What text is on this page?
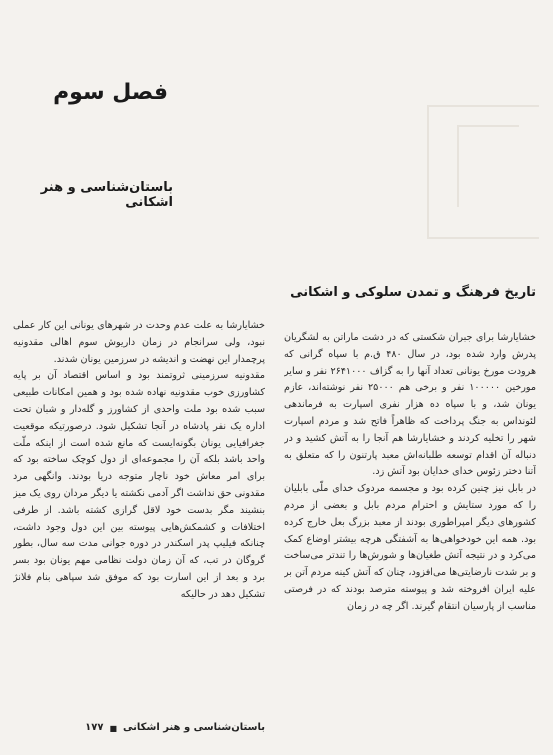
فصل سوم
باستان‌شناسی و هنر اشکانی
تاریخ فرهنگ و تمدن سلوکی و اشکانی

خشایارشا برای جبران شکستی که در دشت ماراتن به لشگریان پدرش وارد شده بود، در سال ۴۸۰ ق.م با سپاه گرانی که هرودت مورخ یونانی تعداد آنها را به گزاف ۲۶۴۱۰۰۰ نفر و سایر مورخین ۱۰۰۰۰۰ نفر و برخی هم ۲۵۰۰۰ نفر نوشته‌اند، عازم یونان شد، و با سپاه ده هزار نفری اسپارت به فرماندهی لئونداس به جنگ پرداخت که ظاهراً فاتح شد و مردم اسپارت شهر را تخلیه کردند و خشایارشا هم آنجا را به آتش کشید و در دنباله آن اقدام توسعه طلبانه‌اش معبد پارتنون را که متعلق به آتنا دختر زئوس خدای خدایان بود آتش زد.

در بابل نیز چنین کرده بود و مجسمه مردوک خدای ملّی بابلیان را که مورد ستایش و احترام مردم بابل و بعضی از مردم کشورهای دیگر امپراطوری بودند از معبد بزرگ بعل خارج کرده بود. همه این خودخواهی‌ها به آشفتگی هرچه بیشتر اوضاع کمک می‌کرد و در نتیجه آتش طغیان‌ها و شورش‌ها را تندتر می‌ساخت و بر شدت نارضایتی‌ها می‌افزود، چنان که آتش کینه مردم آتن بر علیه ایران افروخته شد و پیوسته مترصد بودند که در فرصتی مناسب از پارسیان انتقام گیرند. اگر چه در زمان

خشایارشا به علت عدم وحدت در شهرهای یونانی این کار عملی نبود، ولی سرانجام در زمان داریوش سوم اهالی مقدونیه پرچمدار این نهضت و اندیشه در سرزمین یونان شدند.

مقدونیه سرزمینی ثروتمند بود و اساس اقتصاد آن بر پایه کشاورزی خوب مقدونیه نهاده شده بود و همین امکانات طبیعی سبب شده بود ملت واحدی از کشاورز و گله‌دار و شبان تحت اداره یک نفر پادشاه در آنجا تشکیل شود. درصورتیکه موقعیت جغرافیایی یونان بگونه‌ایست که مانع شده است از اینکه ملّت واحد باشد بلکه آن را مجموعه‌ای از دول کوچک ساخته بود که برای امر معاش خود ناچار متوجه دریا بودند. وانگهی مرد مقدونی حق نداشت اگر آدمی نکشته یا دیگر مردان روی یک میز بنشیند مگر بدست خود لاقل گرازی کشته باشد. از طرفی اختلافات و کشمکش‌هایی پیوسته بین این دول وجود داشت، چنانکه فیلیپ پدر اسکندر در دوره جوانی مدت سه سال، بطور گروگان در تب، که آن زمان دولت نظامی مهم یونان بود بسر برد و بعد از این اسارت بود که موفق شد سپاهی بنام فلانژ تشکیل دهد در حالیکه

باستان‌شناسی و هنر اشکانی
■
۱۷۷
